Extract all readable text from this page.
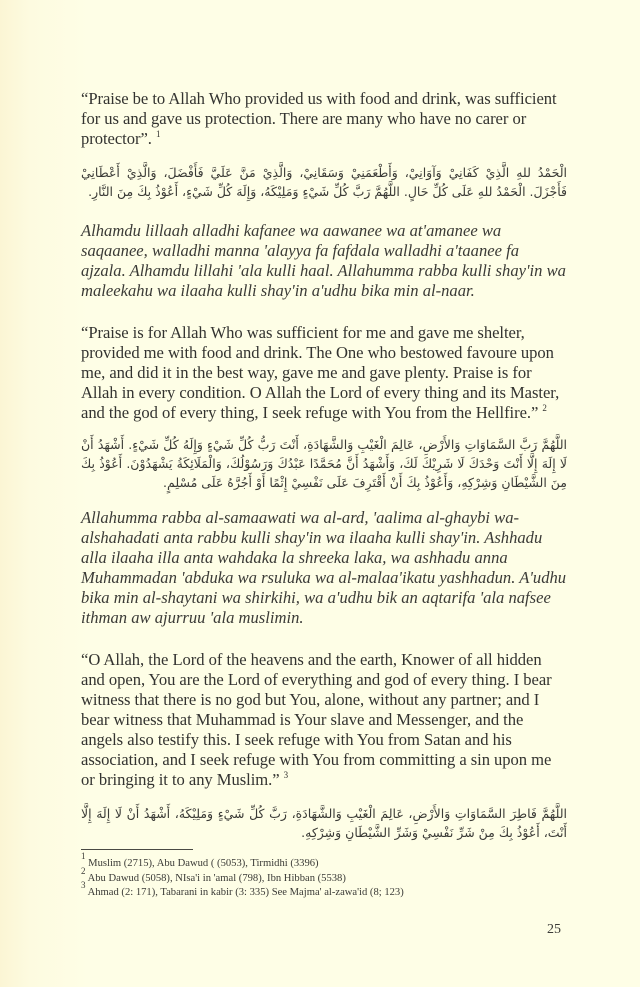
“Praise be to Allah Who provided us with food and drink, was sufficient for us and gave us protection. There are many who have no carer or protector”. $^1$

الْحَمْدُ للهِ الَّذِيْ كَفَانِيْ وَآوَانِيْ، وَأَطْعَمَنِيْ وَسَقَانِيْ، وَالَّذِيْ مَنَّ عَلَيَّ فَأَفْضَلَ، وَالَّذِيْ أَعْطَانِيْ فَأَجْزَلَ. الْحَمْدُ للهِ عَلَى كُلِّ حَالٍ. اللَّهُمَّ رَبَّ كُلِّ شَيْءٍ وَمَلِيْكَهُ، وَإِلَهَ كُلِّ شَيْءٍ، أَعُوْذُ بِكَ مِنَ النَّارِ.

Alhamdu lillaah alladhi kafanee wa aawanee wa at'amanee wa saqaanee, walladhi manna 'alayya fa fafdala walladhi a'taanee fa ajzala. Alhamdu lillahi 'ala kulli haal. Allahumma rabba kulli shay'in wa maleekahu wa ilaaha kulli shay'in a'udhu bika min al-naar.

“Praise is for Allah Who was sufficient for me and gave me shelter, provided me with food and drink. The One who bestowed favoure upon me, and did it in the best way, gave me and gave plenty. Praise is for Allah in every condition. O Allah the Lord of every thing and its Master, and the god of every thing, I seek refuge with You from the Hellfire.” $^2$

اللَّهُمَّ رَبَّ السَّمَاوَاتِ وَالأَرْضِ، عَالِمَ الْغَيْبِ وَالشَّهَادَةِ، أَنْتَ رَبُّ كُلِّ شَيْءٍ وَإِلَهُ كُلِّ شَيْءٍ. أَشْهَدُ أَنْ لَا إِلَهَ إِلَّا أَنْتَ وَحْدَكَ لَا شَرِيْكَ لَكَ، وَأَشْهَدُ أَنَّ مُحَمَّدًا عَبْدُكَ وَرَسُوْلُكَ، وَالْمَلَائِكَةُ يَشْهَدُوْنَ. أَعُوْذُ بِكَ مِنَ الشَّيْطَانِ وَشِرْكِهِ، وَأَعُوْذُ بِكَ أَنْ أَقْتَرِفَ عَلَى نَفْسِيْ إِثْمًا أَوْ أَجُرَّهُ عَلَى مُسْلِمٍ.

Allahumma rabba al-samaawati wa al-ard, 'aalima al-ghaybi wa-alshahadati anta rabbu kulli shay'in wa ilaaha kulli shay'in. Ashhadu alla ilaaha illa anta wahdaka la shreeka laka, wa ashhadu anna Muhammadan 'abduka wa rsuluka wa al-malaa'ikatu yashhadun. A'udhu bika min al-shaytani wa shirkihi, wa a'udhu bik an aqtarifa 'ala nafsee ithman aw ajurruu 'ala muslimin.

“O Allah, the Lord of the heavens and the earth, Knower of all hidden and open, You are the Lord of everything and god of every thing. I bear witness that there is no god but You, alone, without any partner; and I bear witness that Muhammad is Your slave and Messenger, and the angels also testify this. I seek refuge with You from Satan and his association, and I seek refuge with You from committing a sin upon me or bringing it to any Muslim.” $^3$

اللَّهُمَّ فَاطِرَ السَّمَاوَاتِ وَالأَرْضِ، عَالِمَ الْغَيْبِ وَالشَّهَادَةِ، رَبَّ كُلِّ شَيْءٍ وَمَلِيْكَهُ، أَشْهَدُ أَنْ لَا إِلَهَ إِلَّا أَنْتَ، أَعُوْذُ بِكَ مِنْ شَرِّ نَفْسِيْ وَشَرِّ الشَّيْطَانِ وَشِرْكِهِ.

$^1$ Muslim (2715), Abu Dawud ( (5053), Tirmidhi (3396)

$^2$ Abu Dawud (5058), NIsa'i in 'amal (798), Ibn Hibban (5538)

$^3$ Ahmad (2: 171), Tabarani in kabir (3: 335) See Majma' al-zawa'id (8; 123)

25
